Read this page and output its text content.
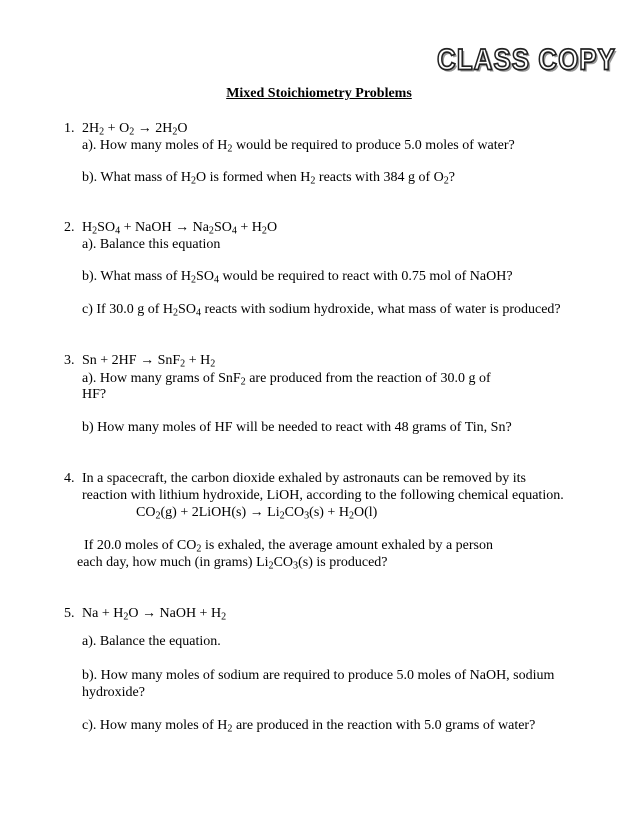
CLASS COPY
Mixed Stoichiometry Problems
1. $2H_2 + O_2 \to 2H_2O$
a). How many moles of $H_2$ would be required to produce 5.0 moles of water?
b). What mass of $H_2O$ is formed when $H_2$ reacts with 384 g of $O_2$?
2. $H_2SO_4$ + NaOH → $Na_2SO_4 + H_2O$
a). Balance this equation
b). What mass of $H_2SO_4$ would be required to react with 0.75 mol of NaOH?
c) If 30.0 g of $H_2SO_4$ reacts with sodium hydroxide, what mass of water is produced?
3. $Sn + 2HF \to SnF_2 + H_2$
a). How many grams of SnF$_2$ are produced from the reaction of 30.0 g of
HF?
b) How many moles of HF will be needed to react with 48 grams of Tin, Sn?
4. In a spacecraft, the carbon dioxide exhaled by astronauts can be removed by its
reaction with lithium hydroxide, LiOH, according to the following chemical equation.
$CO_2(g)$ + 2LiOH(s) → $Li_2CO_3(s) + H_2O(l)$
If 20.0 moles of $CO_2$ is exhaled, the average amount exhaled by a person
each day, how much (in grams) $Li_2CO_3(s)$ is produced?
5. $Na + H_2O$ → NaOH + $H_2$
a). Balance the equation.
b). How many moles of sodium are required to produce 5.0 moles of NaOH, sodium
hydroxide?
c). How many moles of $H_2$ are produced in the reaction with 5.0 grams of water?
